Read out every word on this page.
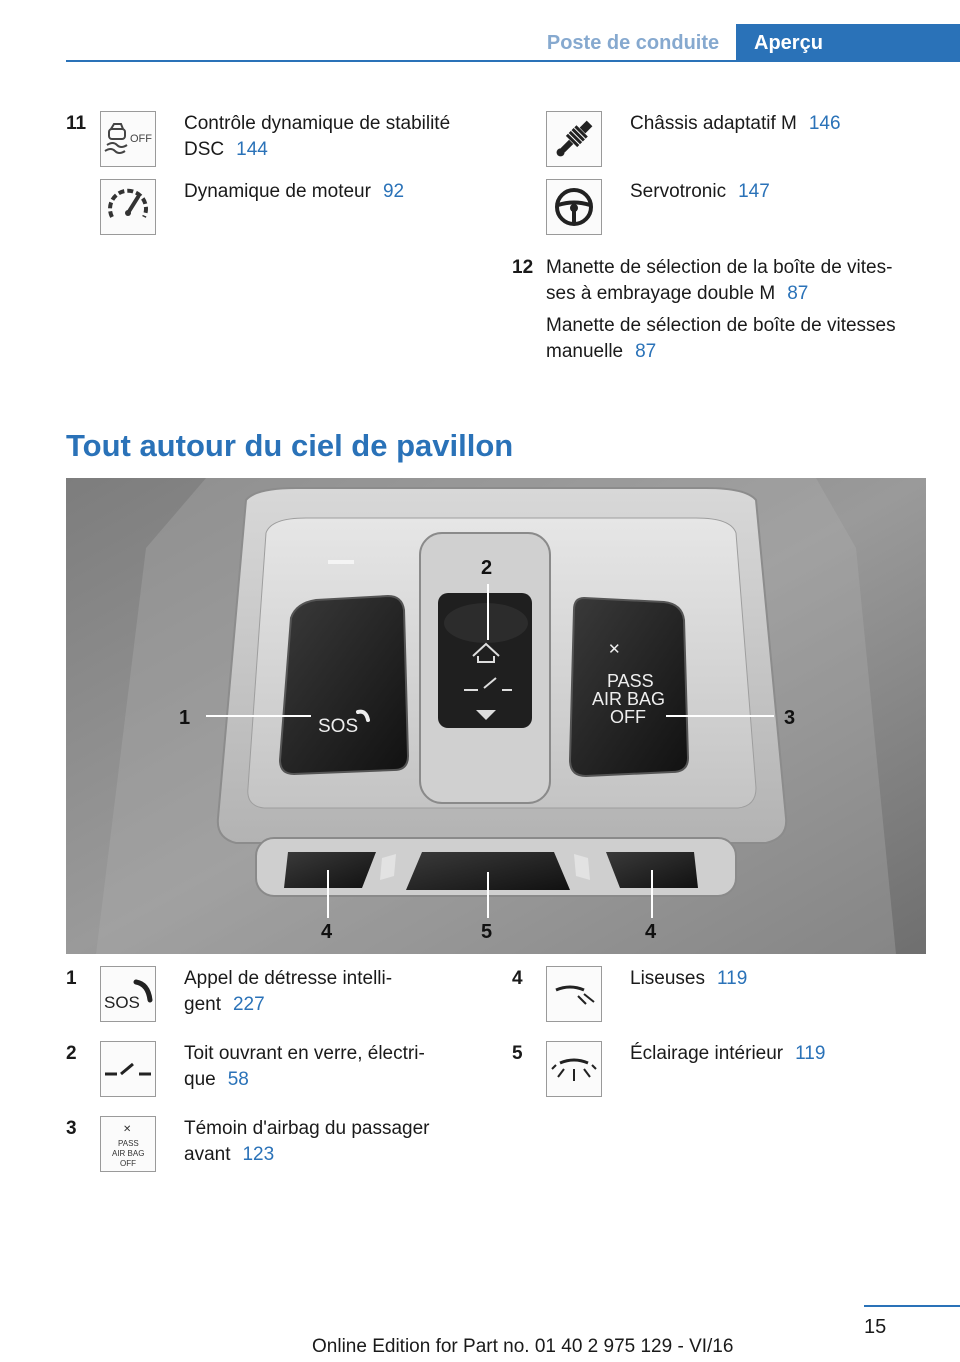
Poste de conduite	Aperçu
11
OFF
Contrôle dynamique de stabilité DSC 144
Dynamique de moteur 92
Châssis adaptatif M 146
Servotronic 147
12 Manette de sélection de la boîte de vites-
ses à embrayage double M 87
Manette de sélection de boîte de vitesses
manuelle 87
Tout autour du ciel de pavillon
SOS
✕
PASS
AIR BAG
OFF
1
2
3
4	5	4
1
SOS
Appel de détresse intelli-
gent 227
2	Toit ouvrant en verre, électri-
que 58
3	✕
PASS
AIR BAG
OFF
Témoin d'airbag du passager
avant 123
4	Liseuses 119
5	Éclairage intérieur 119
15
Online Edition for Part no. 01 40 2 975 129 - VI/16
